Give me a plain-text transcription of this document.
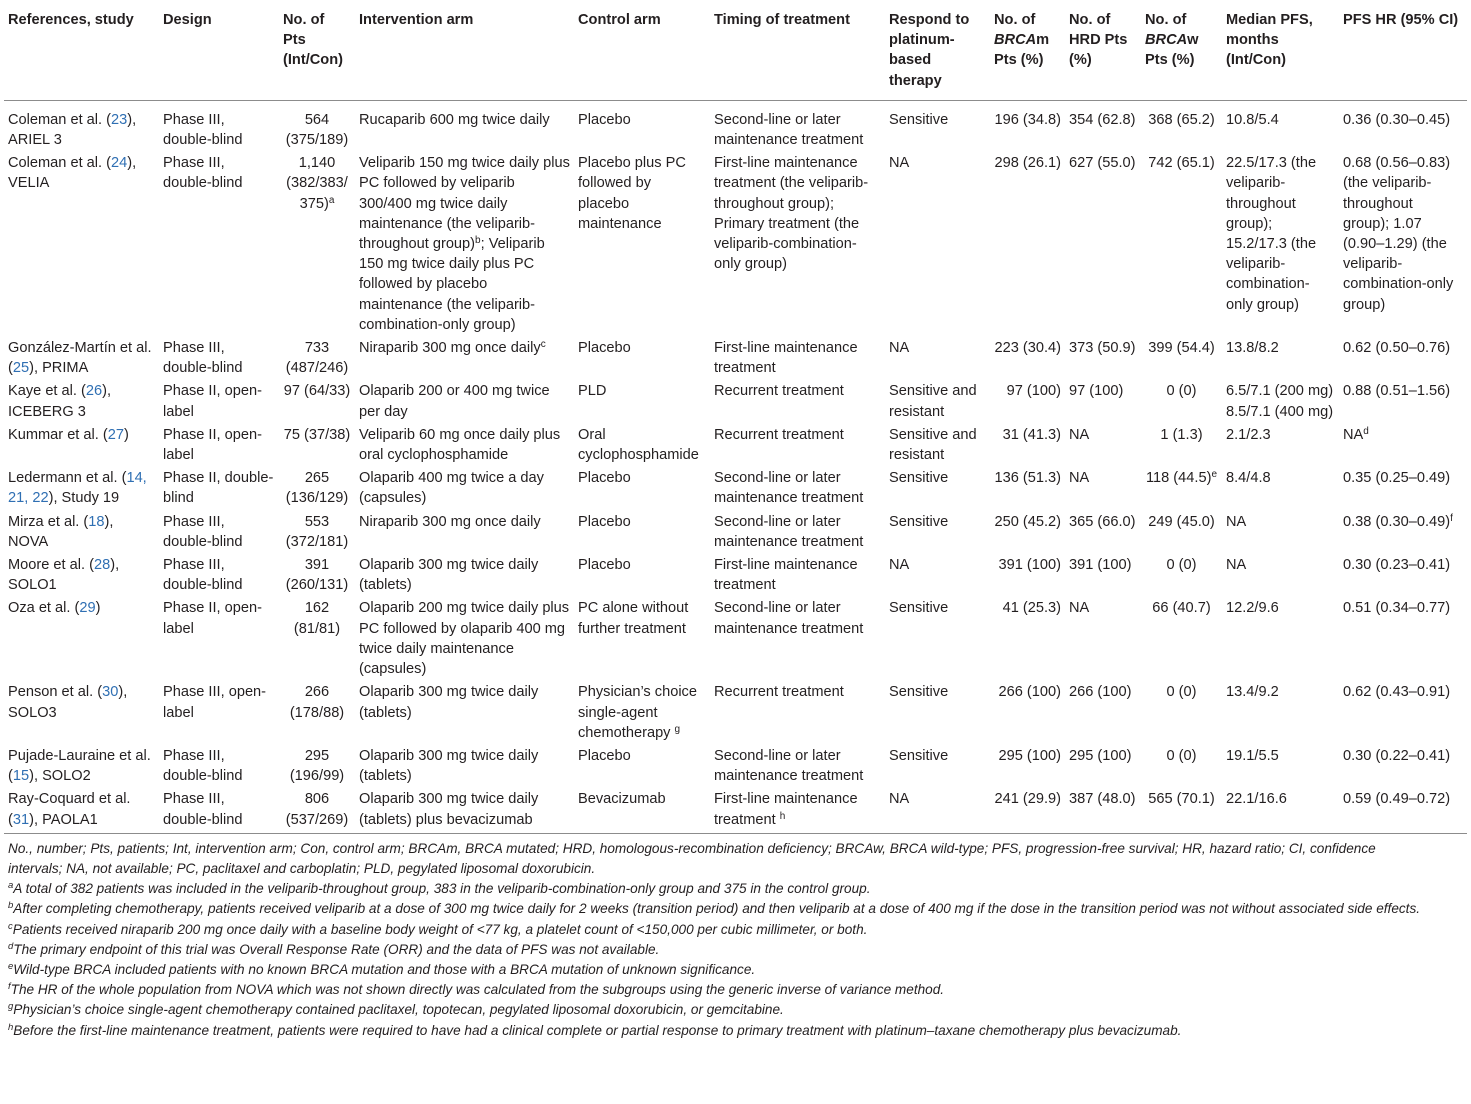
References, study	Design	No. of Pts (Int/Con)	Intervention arm	Control arm	Timing of treatment	Respond to platinum-based therapy	No. of BRCAm Pts (%)	No. of HRD Pts (%)	No. of BRCAw Pts (%)	Median PFS, months (Int/Con)	PFS HR (95% CI)
Coleman et al. (23), ARIEL 3	Phase III, double-blind	564 (375/189)	Rucaparib 600 mg twice daily	Placebo	Second-line or later maintenance treatment	Sensitive	196 (34.8)	354 (62.8)	368 (65.2)	10.8/5.4	0.36 (0.30–0.45)
Coleman et al. (24), VELIA	Phase III, double-blind	1,140 (382/383/ 375)$^a$	Veliparib 150 mg twice daily plus PC followed by veliparib 300/400 mg twice daily maintenance (the veliparib-throughout group)$^b$; Veliparib 150 mg twice daily plus PC followed by placebo maintenance (the veliparib-combination-only group)	Placebo plus PC followed by placebo maintenance	First-line maintenance treatment (the veliparib-throughout group); Primary treatment (the veliparib-combination-only group)	NA	298 (26.1)	627 (55.0)	742 (65.1)	22.5/17.3 (the veliparib-throughout group); 15.2/17.3 (the veliparib-combination-only group)	0.68 (0.56–0.83) (the veliparib-throughout group); 1.07 (0.90–1.29) (the veliparib-combination-only group)
González-Martín et al. (25), PRIMA	Phase III, double-blind	733 (487/246)	Niraparib 300 mg once daily$^c$	Placebo	First-line maintenance treatment	NA	223 (30.4)	373 (50.9)	399 (54.4)	13.8/8.2	0.62 (0.50–0.76)
Kaye et al. (26), ICEBERG 3	Phase II, open-label	97 (64/33)	Olaparib 200 or 400 mg twice per day	PLD	Recurrent treatment	Sensitive and resistant	97 (100)	97 (100)	0 (0)	6.5/7.1 (200 mg) 8.5/7.1 (400 mg)	0.88 (0.51–1.56)
Kummar et al. (27)	Phase II, open-label	75 (37/38)	Veliparib 60 mg once daily plus oral cyclophosphamide	Oral cyclophosphamide	Recurrent treatment	Sensitive and resistant	31 (41.3)	NA	1 (1.3)	2.1/2.3	$NA^d$
Ledermann et al. (14, 21, 22), Study 19	Phase II, double-blind	265 (136/129)	Olaparib 400 mg twice a day (capsules)	Placebo	Second-line or later maintenance treatment	Sensitive	136 (51.3)	NA	118 $(44.5)^e$	8.4/4.8	0.35 (0.25–0.49)
Mirza et al. (18), NOVA	Phase III, double-blind	553 (372/181)	Niraparib 300 mg once daily	Placebo	Second-line or later maintenance treatment	Sensitive	250 (45.2)	365 (66.0)	249 (45.0)	NA	0.38 $(0.30-0.49)^f$
Moore et al. (28), SOLO1	Phase III, double-blind	391 (260/131)	Olaparib 300 mg twice daily (tablets)	Placebo	First-line maintenance treatment	NA	391 (100)	391 (100)	0 (0)	NA	0.30 (0.23–0.41)
Oza et al. (29)	Phase II, open-label	162 (81/81)	Olaparib 200 mg twice daily plus PC followed by olaparib 400 mg twice daily maintenance (capsules)	PC alone without further treatment	Second-line or later maintenance treatment	Sensitive	41 (25.3)	NA	66 (40.7)	12.2/9.6	0.51 (0.34–0.77)
Penson et al. (30), SOLO3	Phase III, open-label	266 (178/88)	Olaparib 300 mg twice daily (tablets)	Physician’s choice single-agent chemotherapy $^g$	Recurrent treatment	Sensitive	266 (100)	266 (100)	0 (0)	13.4/9.2	0.62 (0.43–0.91)
Pujade-Lauraine et al. (15), SOLO2	Phase III, double-blind	295 (196/99)	Olaparib 300 mg twice daily (tablets)	Placebo	Second-line or later maintenance treatment	Sensitive	295 (100)	295 (100)	0 (0)	19.1/5.5	0.30 (0.22–0.41)
Ray-Coquard et al. (31), PAOLA1	Phase III, double-blind	806 (537/269)	Olaparib 300 mg twice daily (tablets) plus bevacizumab	Bevacizumab	First-line maintenance treatment $^h$	NA	241 (29.9)	387 (48.0)	565 (70.1)	22.1/16.6	0.59 (0.49–0.72)
No., number; Pts, patients; Int, intervention arm; Con, control arm; BRCAm, BRCA mutated; HRD, homologous-recombination deficiency; BRCAw, BRCA wild-type; PFS, progression-free survival; HR, hazard ratio; CI, confidence
intervals; NA, not available; PC, paclitaxel and carboplatin; PLD, pegylated liposomal doxorubicin.
$^a$A total of 382 patients was included in the veliparib-throughout group, 383 in the veliparib-combination-only group and 375 in the control group.
$^b$After completing chemotherapy, patients received veliparib at a dose of 300 mg twice daily for 2 weeks (transition period) and then veliparib at a dose of 400 mg if the dose in the transition period was not without associated side effects.
$^c$Patients received niraparib 200 mg once daily with a baseline body weight of <77 kg, a platelet count of <150,000 per cubic millimeter, or both.
$^d$The primary endpoint of this trial was Overall Response Rate (ORR) and the data of PFS was not available.
$^e$Wild-type BRCA included patients with no known BRCA mutation and those with a BRCA mutation of unknown significance.
$^f$The HR of the whole population from NOVA which was not shown directly was calculated from the subgroups using the generic inverse of variance method.
$^g$Physician’s choice single-agent chemotherapy contained paclitaxel, topotecan, pegylated liposomal doxorubicin, or gemcitabine.
$^h$Before the first-line maintenance treatment, patients were required to have had a clinical complete or partial response to primary treatment with platinum–taxane chemotherapy plus bevacizumab.
